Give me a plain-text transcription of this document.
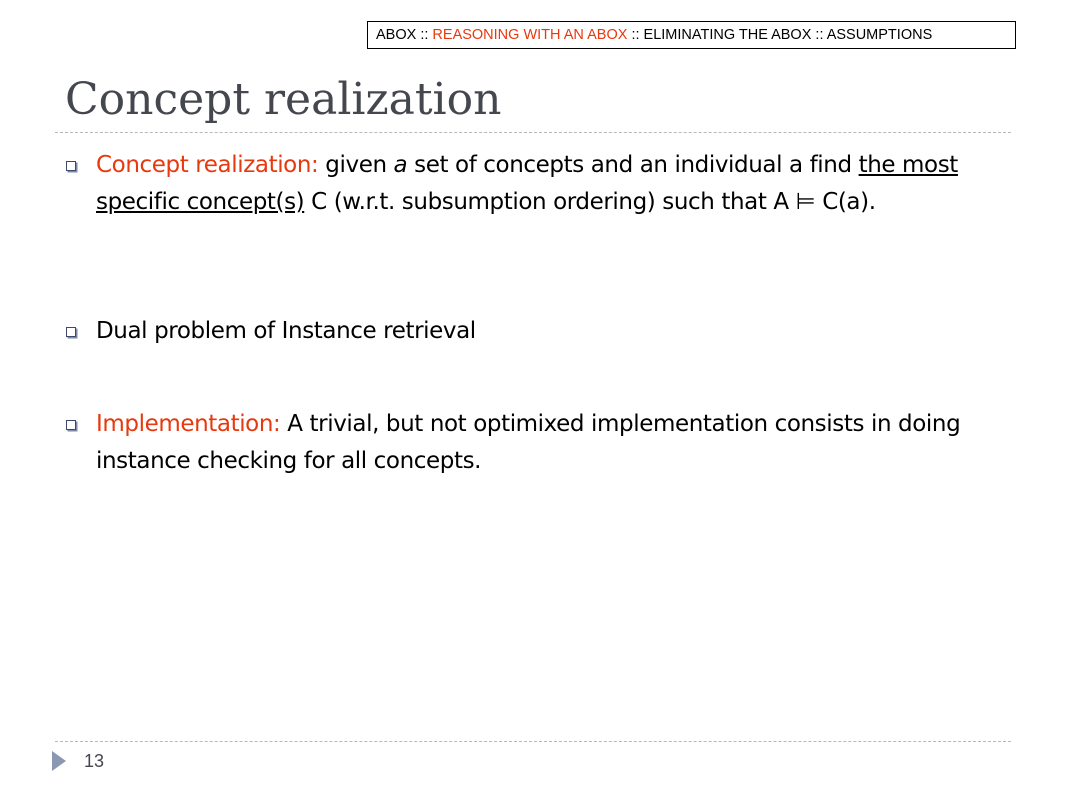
ABOX :: REASONING WITH AN ABOX :: ELIMINATING THE ABOX :: ASSUMPTIONS
Concept realization

Concept realization: given a set of concepts and an individual a find the most specific concept(s) C (w.r.t. subsumption ordering) such that A ⊨ C(a).

Dual problem of Instance retrieval

Implementation: A trivial, but not optimixed implementation consists in doing instance checking for all concepts.

13
